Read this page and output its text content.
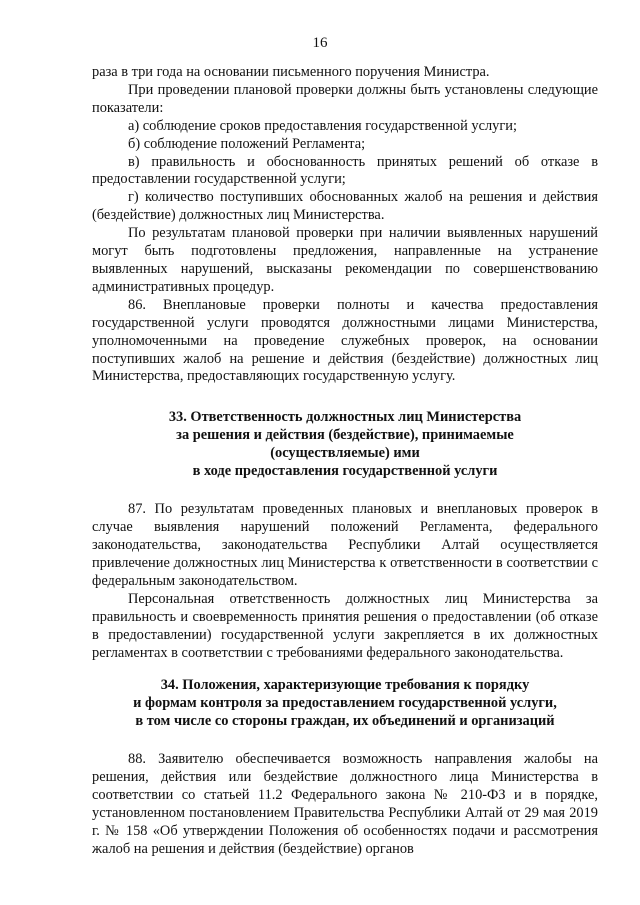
16

раза в три года на основании письменного поручения Министра.

При проведении плановой проверки должны быть установлены следующие показатели:

а) соблюдение сроков предоставления государственной услуги;

б) соблюдение положений Регламента;

в) правильность и обоснованность принятых решений об отказе в предоставлении государственной услуги;

г) количество поступивших обоснованных жалоб на решения и действия (бездействие) должностных лиц Министерства.

По результатам плановой проверки при наличии выявленных нарушений могут быть подготовлены предложения, направленные на устранение выявленных нарушений, высказаны рекомендации по совершенствованию административных процедур.

86. Внеплановые проверки полноты и качества предоставления государственной услуги проводятся должностными лицами Министерства, уполномоченными на проведение служебных проверок, на основании поступивших жалоб на решение и действия (бездействие) должностных лиц Министерства, предоставляющих государственную услугу.

33. Ответственность должностных лиц Министерства
за решения и действия (бездействие), принимаемые
(осуществляемые) ими
в ходе предоставления государственной услуги

87. По результатам проведенных плановых и внеплановых проверок в случае выявления нарушений положений Регламента, федерального законодательства, законодательства Республики Алтай осуществляется привлечение должностных лиц Министерства к ответственности в соответствии с федеральным законодательством.

Персональная ответственность должностных лиц Министерства за правильность и своевременность принятия решения о предоставлении (об отказе в предоставлении) государственной услуги закрепляется в их должностных регламентах в соответствии с требованиями федерального законодательства.

34. Положения, характеризующие требования к порядку
и формам контроля за предоставлением государственной услуги,
в том числе со стороны граждан, их объединений и организаций

88. Заявителю обеспечивается возможность направления жалобы на решения, действия или бездействие должностного лица Министерства в соответствии со статьей 11.2 Федерального закона № 210-ФЗ и в порядке, установленном постановлением Правительства Республики Алтай от 29 мая 2019 г. № 158 «Об утверждении Положения об особенностях подачи и рассмотрения жалоб на решения и действия (бездействие) органов
